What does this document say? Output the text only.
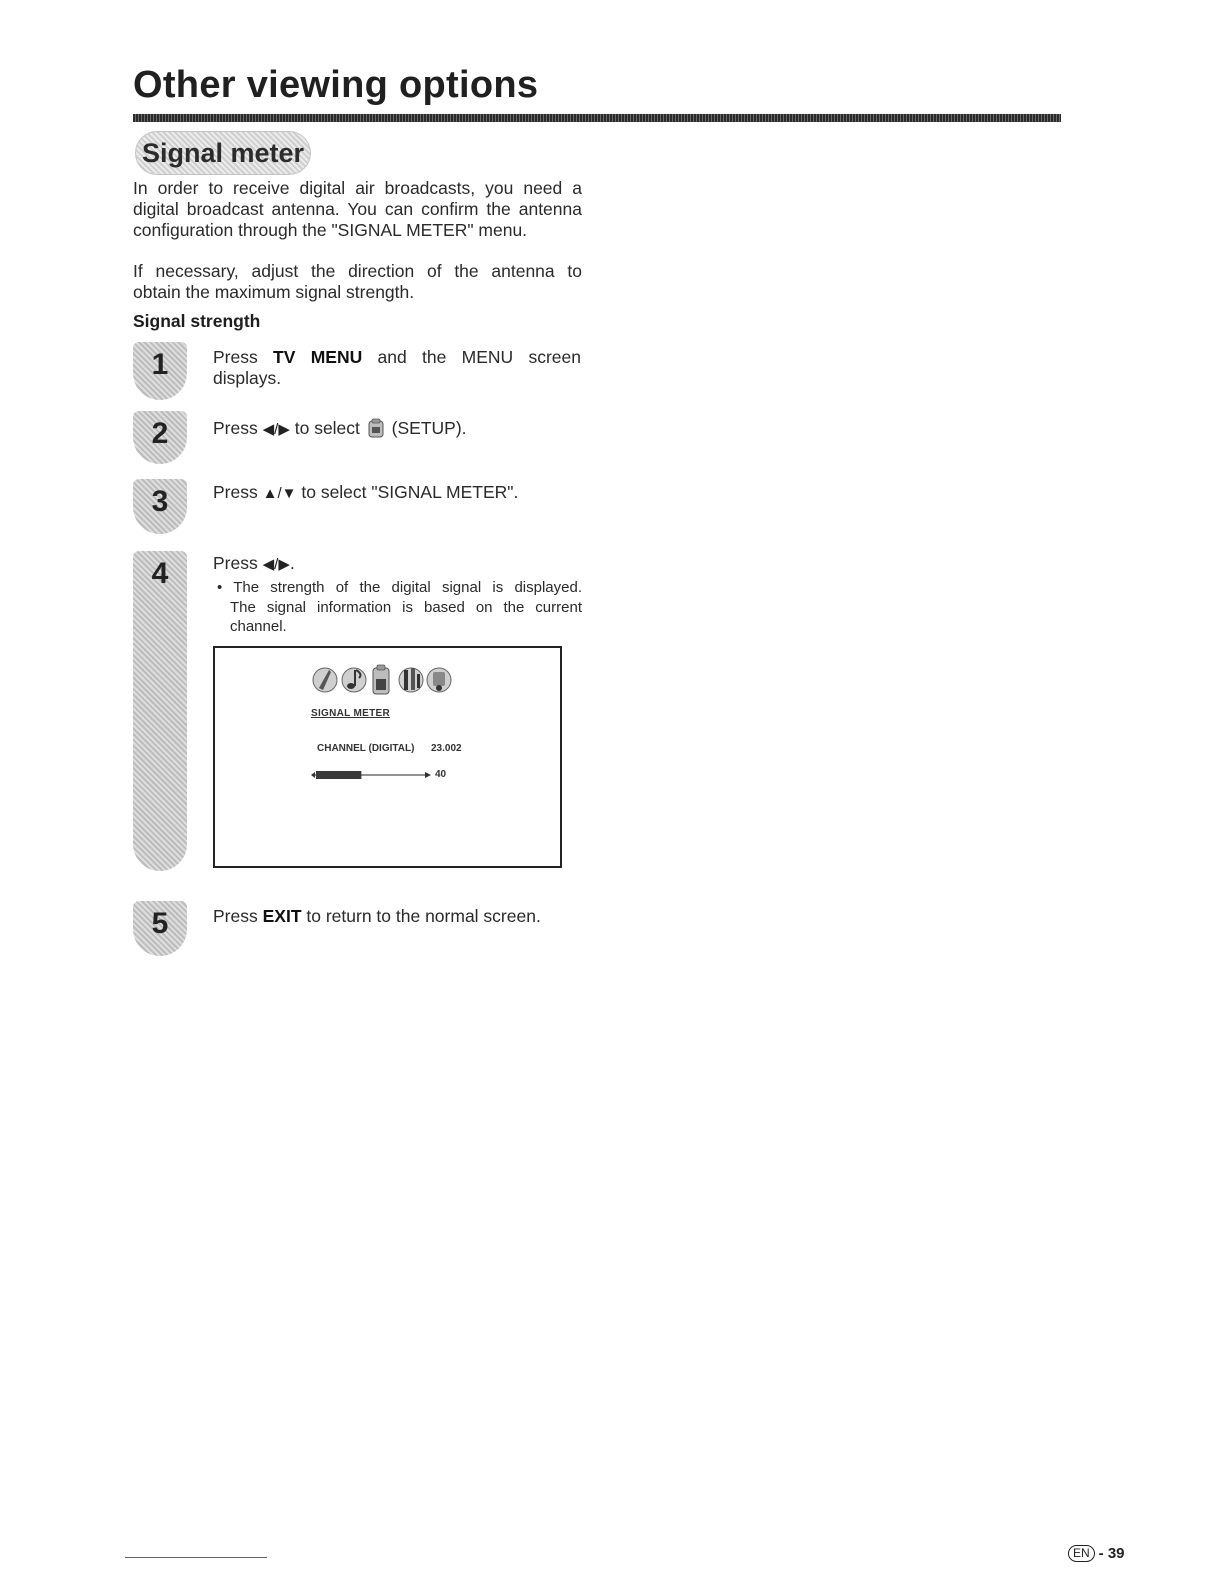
Other viewing options
Signal meter
In order to receive digital air broadcasts, you need a
digital broadcast antenna. You can confirm the antenna
configuration through the "SIGNAL METER" menu.
If necessary, adjust the direction of the antenna to
obtain the maximum signal strength.
Signal strength
1	Press TV MENU and the MENU screen
displays.
2	Press ◀/▶ to select (SETUP).
3	Press ▲/▼ to select "SIGNAL METER".
4	Press ◀/▶.
• The strength of the digital signal is displayed.
The signal information is based on the current
channel.
SIGNAL METER
CHANNEL (DIGITAL) 23.002
40
5	Press EXIT to return to the normal screen.
EN - 39
